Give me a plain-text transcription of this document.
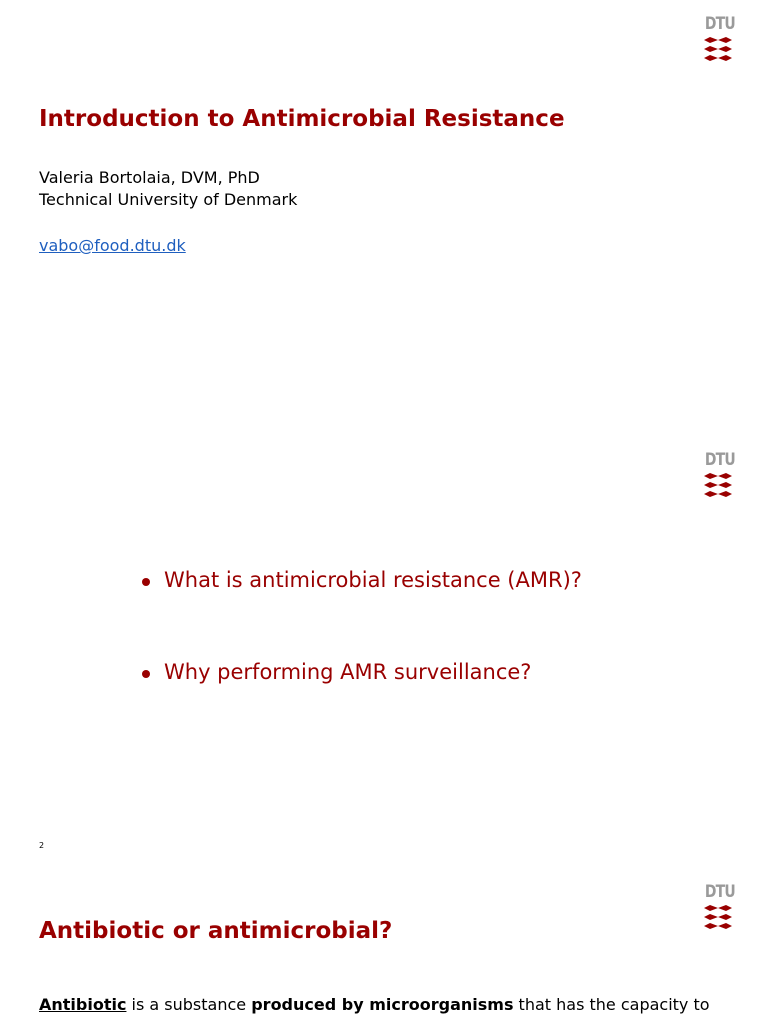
DTU
Introduction to Antimicrobial Resistance
Valeria Bortolaia, DVM, PhD
Technical University of Denmark
vabo@food.dtu.dk
DTU
What is antimicrobial resistance (AMR)?
Why performing AMR surveillance?
2
DTU
Antibiotic or antimicrobial?
Antibiotic is a substance produced by microorganisms that has the capacity to
